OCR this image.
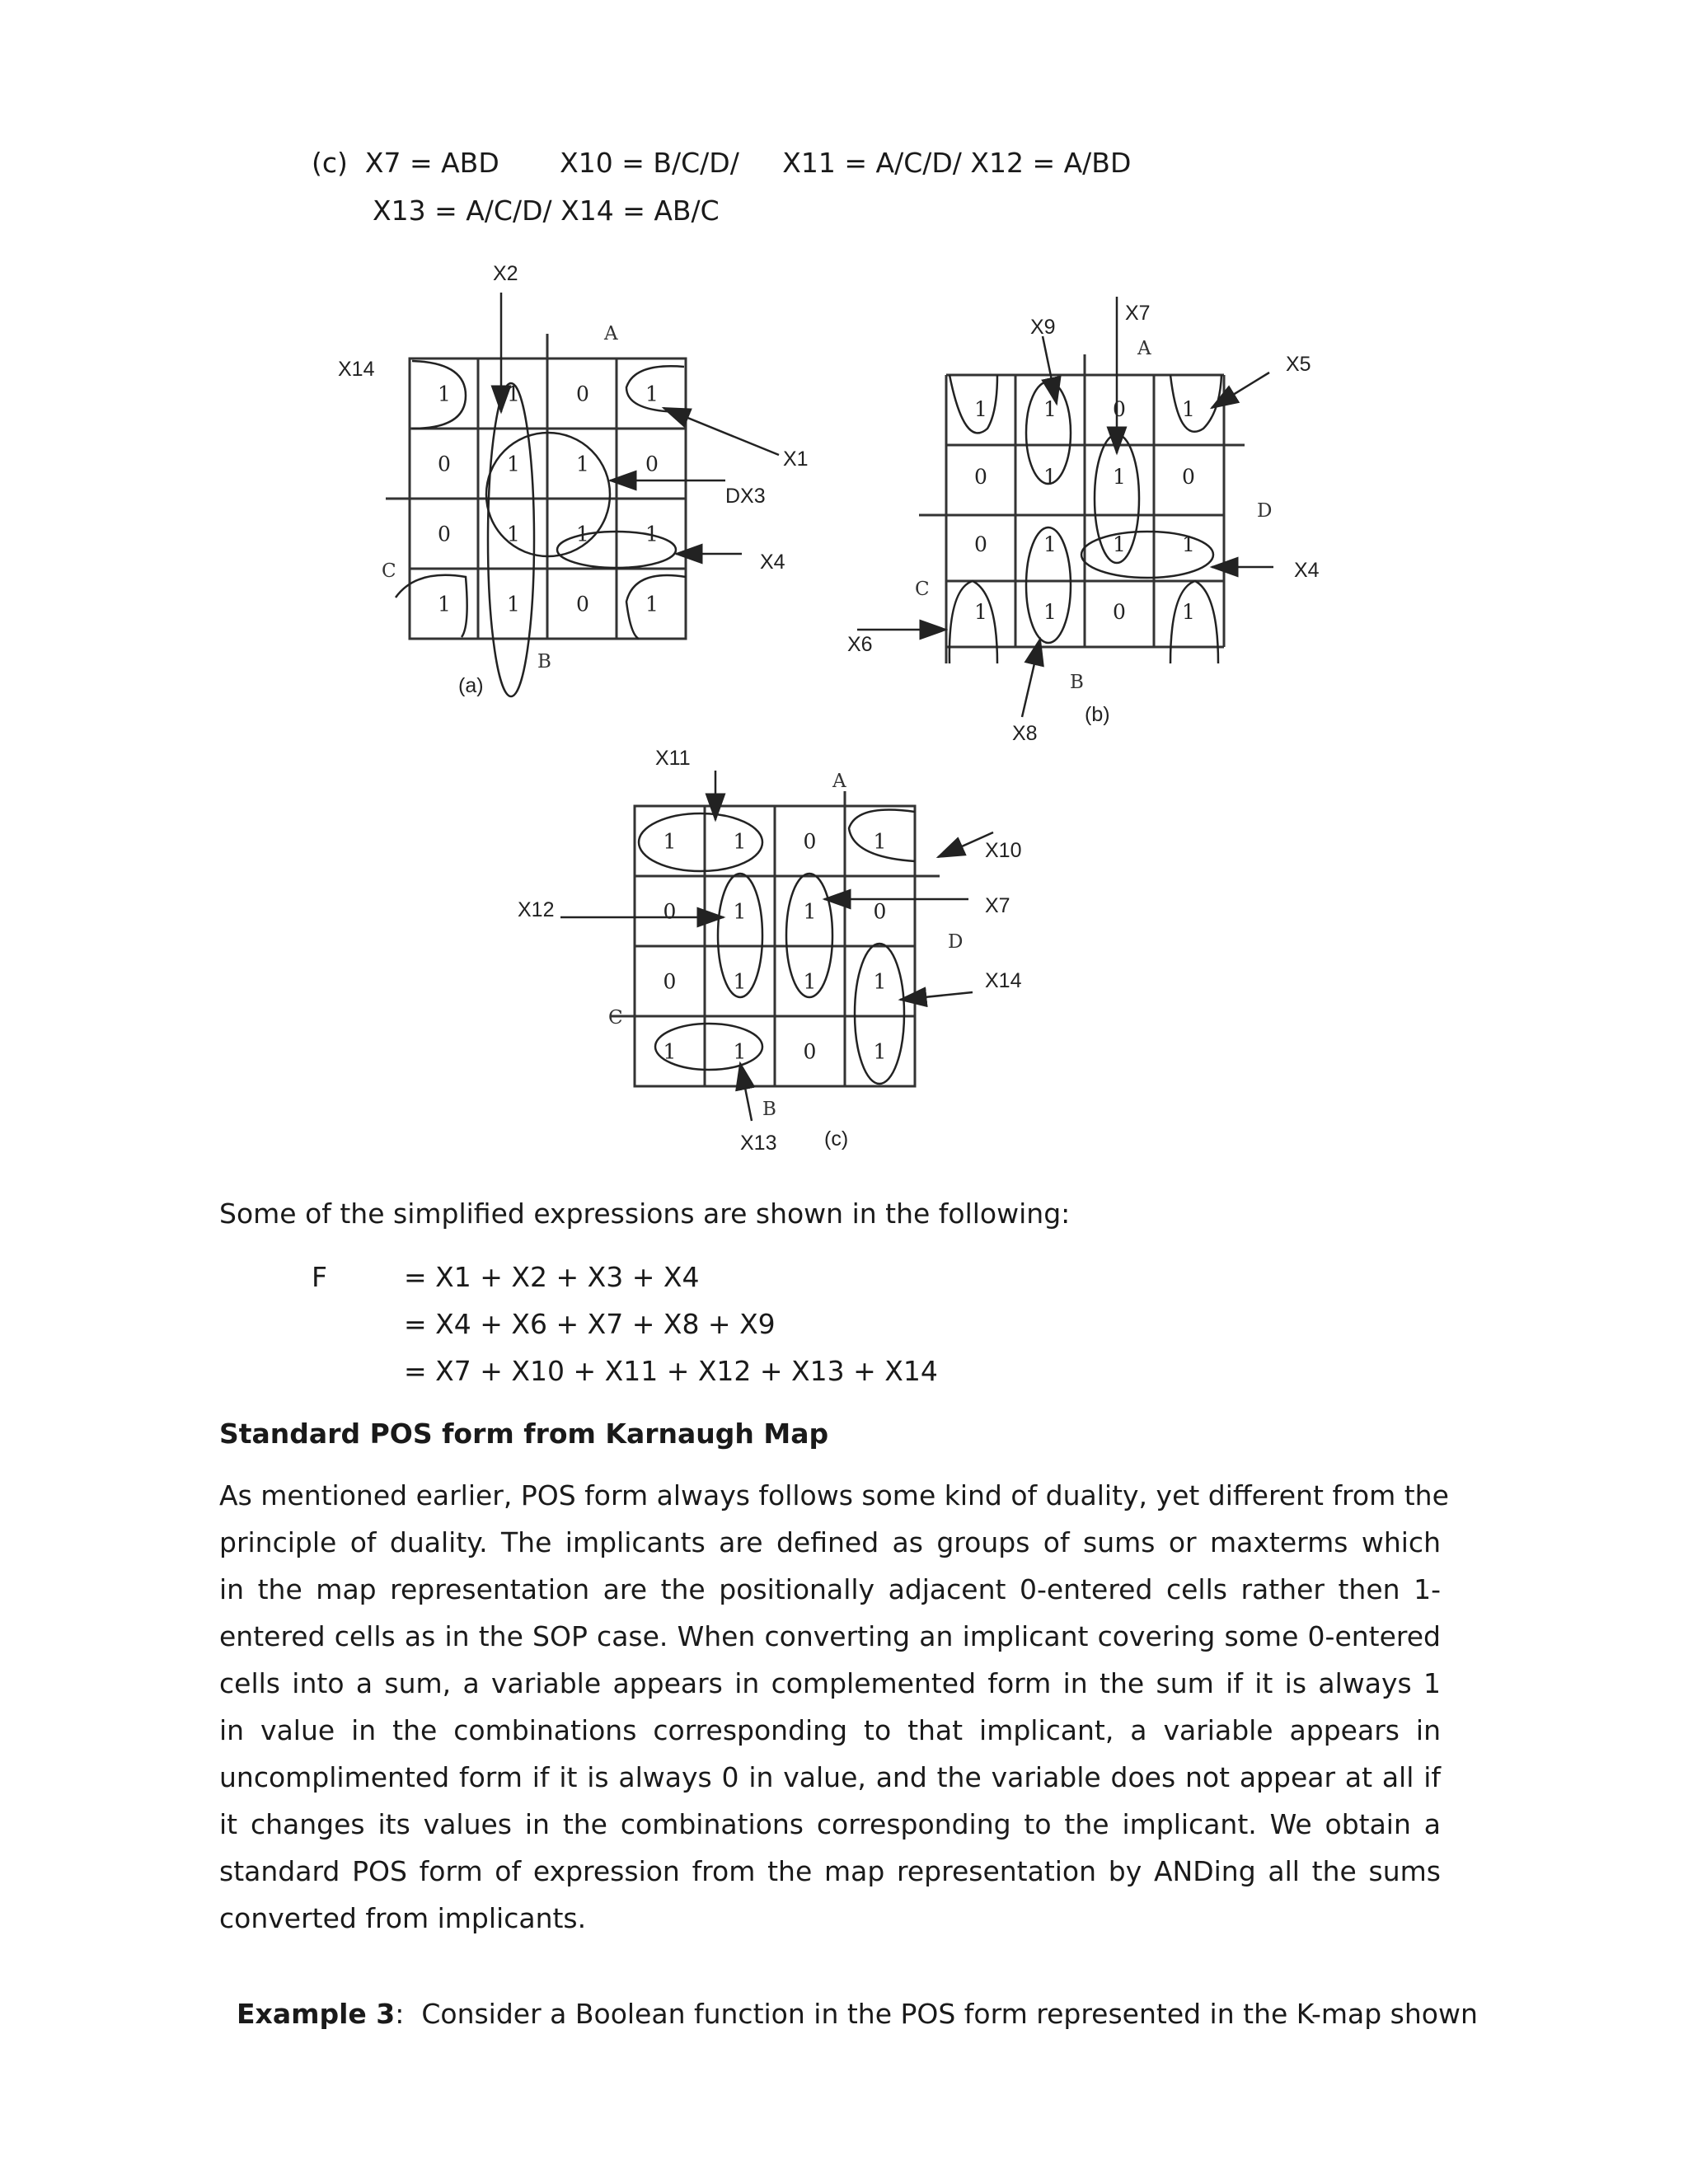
(c)  X7 = ABD       X10 = B/C/D/     X11 = A/C/D/ X12 = A/BD
X13 = A/C/D/ X14 = AB/C
1	1	0	1
0	1	1	0
0	1	1	1
1	1	0	1
X2
X14
X1
DX3
X4
A
C
B
(a)
1	1	0	1
0	1	1	0
0	1	1	1
1	1	0	1
X9
X7
X5
X4
X6
X8
A
D
C
B
(b)
1	1	0	1
0	1	1	0
0	1	1	1
1	1	0	1
X11
X10
X12	X7
X14
X13
A
D
C
B
(c)
Some of the simplified expressions are shown in the following:
F	= X1 + X2 + X3 + X4
= X4 + X6 + X7 + X8 + X9
= X7 + X10 + X11 + X12 + X13 + X14
Standard POS form from Karnaugh Map
As mentioned earlier, POS form always follows some kind of duality, yet different from the
principle of duality. The implicants are defined as groups of sums or maxterms which
in the map representation are the positionally adjacent 0-entered cells rather then 1-
entered cells as in the SOP case. When converting an implicant covering some 0-entered
cells into a sum, a variable appears in complemented form in the sum if it is always 1
in value in the combinations corresponding to that implicant, a variable appears in
uncomplimented form if it is always 0 in value, and the variable does not appear at all if
it changes its values in the combinations corresponding to the implicant. We obtain a
standard POS form of expression from the map representation by ANDing all the sums
converted from implicants.

Example 3:  Consider a Boolean function in the POS form represented in the K-map shown
